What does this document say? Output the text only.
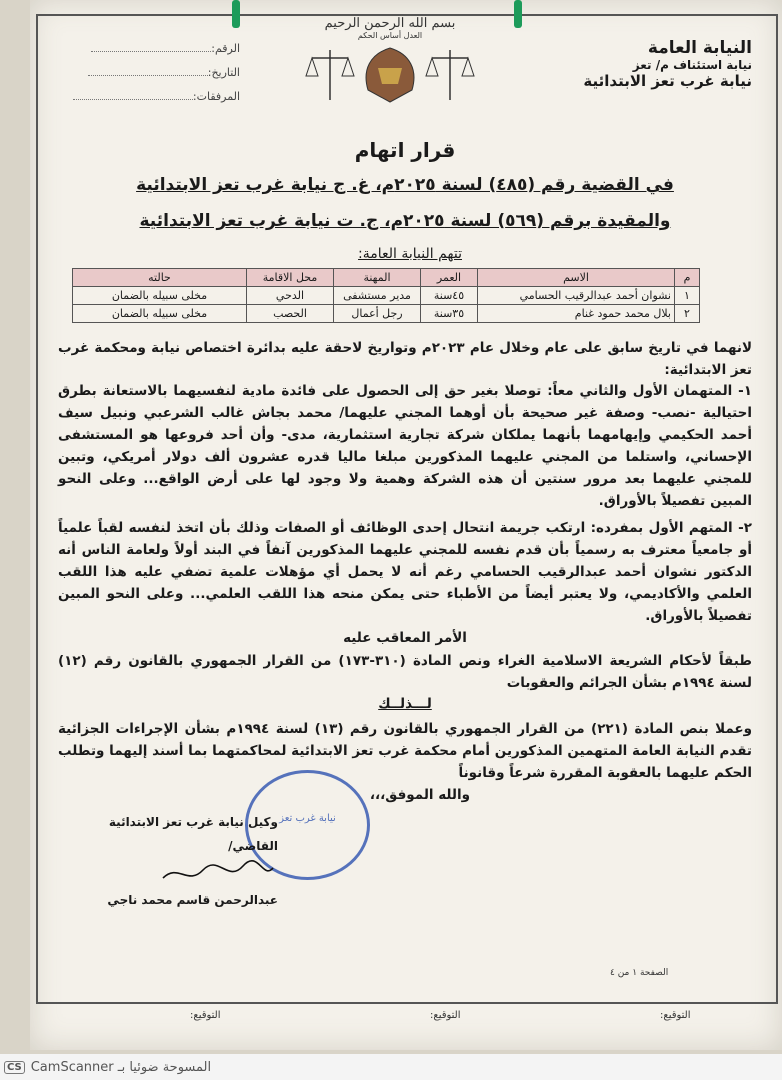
الرقم:
التاريخ:
المرفقات:
بسم الله الرحمن الرحيم
العدل أساس الحكم
النيابة العامة
نيابة استئناف م/ تعز
نيابة غرب تعز الابتدائية
قرار اتهام
في القضية رقم (٤٨٥) لسنة ٢٠٢٥م، غ. ج نيابة غرب تعز الابتدائية
والمقيدة برقم (٥٦٩) لسنة ٢٠٢٥م، ج. ت نيابة غرب تعز الابتدائية
تتهم النيابة العامة:
م	الاسم	العمر	المهنة	محل الاقامة	حالته
١	نشوان أحمد عبدالرقيب الحسامي	٤٥سنة	مدير مستشفى	الدحي	مخلى سبيله بالضمان
٢	بلال محمد حمود غنام	٣٥سنة	رجل أعمال	الحصب	مخلى سبيله بالضمان
لانهما في تاريخ سابق على عام وخلال عام ٢٠٢٣م وتواريخ لاحقة عليه بدائرة اختصاص نيابة ومحكمة غرب تعز الابتدائية:
١- المتهمان الأول والثاني معاً: توصلا بغير حق إلى الحصول على فائدة مادية لنفسيهما بالاستعانة بطرق احتيالية -نصب- وصفة غير صحيحة بأن أوهما المجني عليهما/ محمد بجاش غالب الشرعبي ونبيل سيف أحمد الحكيمي وإيهامهما بأنهما يملكان شركة تجارية استثمارية، مدى- وأن أحد فروعها هو المستشفى الإحساني، واستلما من المجني عليهما المذكورين مبلغا ماليا قدره عشرون ألف دولار أمريكي، وتبين للمجني عليهما بعد مرور سنتين أن هذه الشركة وهمية ولا وجود لها على أرض الواقع... وعلى النحو المبين تفصيلاً بالأوراق.
٢- المتهم الأول بمفرده: ارتكب جريمة انتحال إحدى الوظائف أو الصفات وذلك بأن اتخذ لنفسه لقباً علمياً أو جامعياً معترف به رسمياً بأن قدم نفسه للمجني عليهما المذكورين آنفاً في البند أولاً ولعامة الناس أنه الدكتور نشوان أحمد عبدالرقيب الحسامي رغم أنه لا يحمل أي مؤهلات علمية تضفي عليه هذا اللقب العلمي والأكاديمي، ولا يعتبر أيضاً من الأطباء حتى يمكن منحه هذا اللقب العلمي... وعلى النحو المبين تفصيلاً بالأوراق.
الأمر المعاقب عليه
طبقاً لأحكام الشريعة الاسلامية الغراء ونص المادة (٣١٠-١٧٣) من القرار الجمهوري بالقانون رقم (١٢) لسنة ١٩٩٤م بشأن الجرائم والعقوبات
لـــذلــك
وعملا بنص المادة (٢٢١) من القرار الجمهوري بالقانون رقم (١٣) لسنة ١٩٩٤م بشأن الإجراءات الجزائية تقدم النيابة العامة المتهمين المذكورين أمام محكمة غرب تعز الابتدائية لمحاكمتهما بما أسند إليهما وتطلب الحكم عليهما بالعقوبة المقررة شرعاً وقانوناً
والله الموفق،،،
نيابة غرب تعز
وكيل نيابة غرب تعز الابتدائية
القاضي/
عبدالرحمن قاسم محمد ناجي
الصفحة ١ من ٤
التوقيع:	التوقيع:	التوقيع:
CS CamScanner المسوحة ضوئيا بـ
